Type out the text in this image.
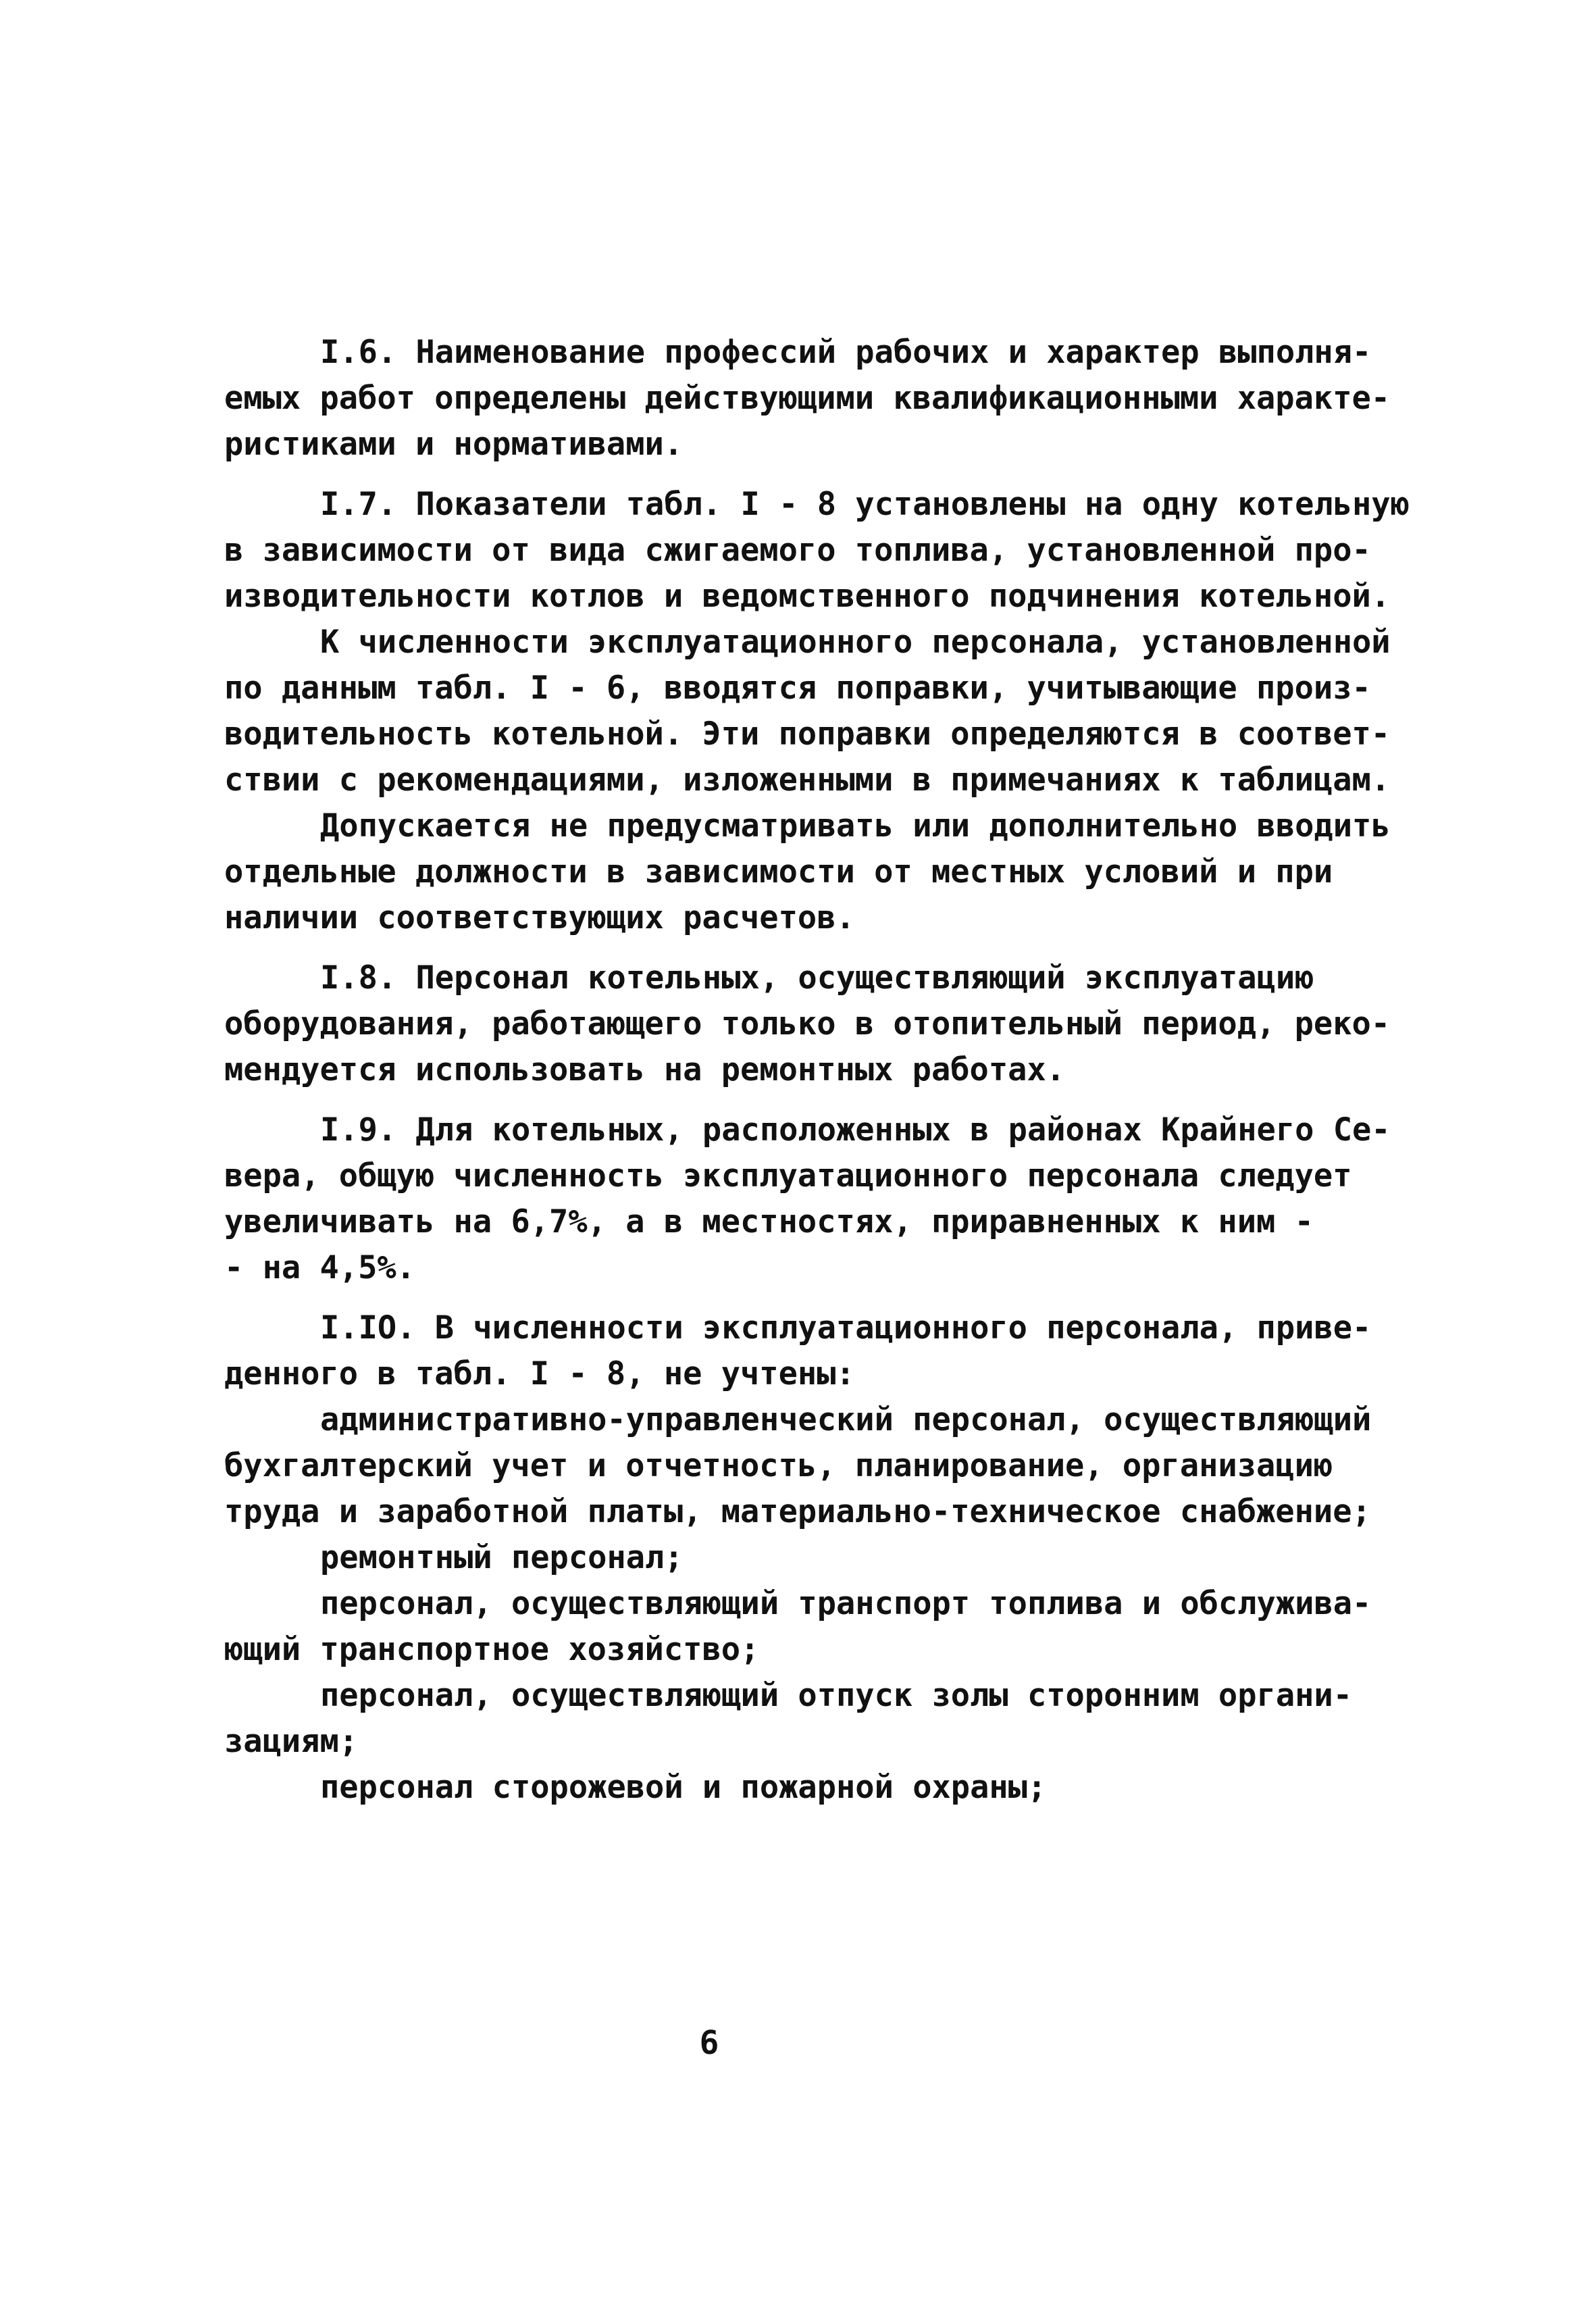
I.6. Наименование профессий рабочих и характер выполня-
емых работ определены действующими квалификационными характе-
ристиками и нормативами.
I.7. Показатели табл. I - 8 установлены на одну котельную
в зависимости от вида сжигаемого топлива, установленной про-
изводительности котлов и ведомственного подчинения котельной.
К численности эксплуатационного персонала, установленной
по данным табл. I - 6, вводятся поправки, учитывающие произ-
водительность котельной. Эти поправки определяются в соответ-
ствии с рекомендациями, изложенными в примечаниях к таблицам.
Допускается не предусматривать или дополнительно вводить
отдельные должности в зависимости от местных условий и при
наличии соответствующих расчетов.
I.8. Персонал котельных, осуществляющий эксплуатацию
оборудования, работающего только в отопительный период, реко-
мендуется использовать на ремонтных работах.
I.9. Для котельных, расположенных в районах Крайнего Се-
вера, общую численность эксплуатационного персонала следует
увеличивать на 6,7%, а в местностях, приравненных к ним -
- на 4,5%.
I.IO. В численности эксплуатационного персонала, приве-
денного в табл. I - 8, не учтены:
административно-управленческий персонал, осуществляющий
бухгалтерский учет и отчетность, планирование, организацию
труда и заработной платы, материально-техническое снабжение;
ремонтный персонал;
персонал, осуществляющий транспорт топлива и обслужива-
ющий транспортное хозяйство;
персонал, осуществляющий отпуск золы сторонним органи-
зациям;
персонал сторожевой и пожарной охраны;
6
